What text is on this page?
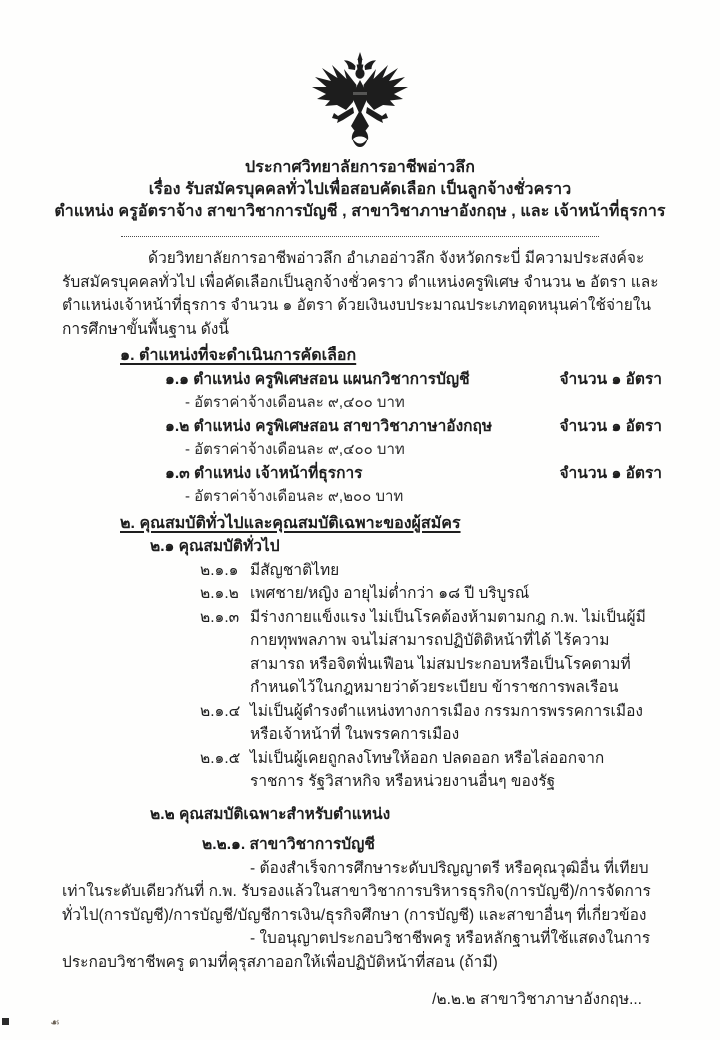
ประกาศวิทยาลัยการอาชีพอ่าวลึก
เรื่อง รับสมัครบุคคลทั่วไปเพื่อสอบคัดเลือก เป็นลูกจ้างชั่วคราว
ตำแหน่ง ครูอัตราจ้าง สาขาวิชาการบัญชี , สาขาวิชาภาษาอังกฤษ , และ เจ้าหน้าที่ธุรการ

ด้วยวิทยาลัยการอาชีพอ่าวลึก อำเภออ่าวลึก จังหวัดกระบี่ มีความประสงค์จะรับสมัครบุคคลทั่วไป เพื่อคัดเลือกเป็นลูกจ้างชั่วคราว ตำแหน่งครูพิเศษ จำนวน ๒ อัตรา และ ตำแหน่งเจ้าหน้าที่ธุรการ จำนวน ๑ อัตรา ด้วยเงินงบประมาณประเภทอุดหนุนค่าใช้จ่ายในการศึกษาขั้นพื้นฐาน ดังนี้

๑. ตำแหน่งที่จะดำเนินการคัดเลือก
๑.๑ ตำแหน่ง ครูพิเศษสอน แผนกวิชาการบัญชี	จำนวน ๑ อัตรา
- อัตราค่าจ้างเดือนละ ๙,๔๐๐ บาท
๑.๒ ตำแหน่ง ครูพิเศษสอน สาขาวิชาภาษาอังกฤษ	จำนวน ๑ อัตรา
- อัตราค่าจ้างเดือนละ ๙,๔๐๐ บาท
๑.๓ ตำแหน่ง เจ้าหน้าที่ธุรการ	จำนวน ๑ อัตรา
- อัตราค่าจ้างเดือนละ ๙,๒๐๐ บาท
๒. คุณสมบัติทั่วไปและคุณสมบัติเฉพาะของผู้สมัคร
๒.๑ คุณสมบัติทั่วไป
๒.๑.๑ มีสัญชาติไทย
๒.๑.๒ เพศชาย/หญิง อายุไม่ต่ำกว่า ๑๘ ปี บริบูรณ์
๒.๑.๓ มีร่างกายแข็งแรง ไม่เป็นโรคต้องห้ามตามกฎ ก.พ. ไม่เป็นผู้มีกายทุพพลภาพ จนไม่สามารถปฏิบัติติหน้าที่ได้ ไร้ความสามารถ หรือจิตฟั่นเฟือน ไม่สมประกอบหรือเป็นโรคตามที่ กำหนดไว้ในกฎหมายว่าด้วยระเบียบ ข้าราชการพลเรือน
๒.๑.๔ ไม่เป็นผู้ดำรงตำแหน่งทางการเมือง กรรมการพรรคการเมือง หรือเจ้าหน้าที่ ในพรรคการเมือง
๒.๑.๕ ไม่เป็นผู้เคยถูกลงโทษให้ออก ปลดออก หรือไล่ออกจากราชการ รัฐวิสาหกิจ หรือหน่วยงานอื่นๆ ของรัฐ
๒.๒ คุณสมบัติเฉพาะสำหรับตำแหน่ง
๒.๒.๑. สาขาวิชาการบัญชี

- ต้องสำเร็จการศึกษาระดับปริญญาตรี หรือคุณวุฒิอื่น ที่เทียบเท่าในระดับเดียวกันที่ ก.พ. รับรองแล้วในสาขาวิชาการบริหารธุรกิจ(การบัญชี)/การจัดการทั่วไป(การบัญชี)/การบัญชี/บัญชีการเงิน/ธุรกิจศึกษา (การบัญชี) และสาขาอื่นๆ ที่เกี่ยวข้อง

- ใบอนุญาตประกอบวิชาชีพครู หรือหลักฐานที่ใช้แสดงในการประกอบวิชาชีพครู ตามที่คุรุสภาออกให้เพื่อปฏิบัติหน้าที่สอน (ถ้ามี)

/๒.๒.๒ สาขาวิชาภาษาอังกฤษ...
☙
